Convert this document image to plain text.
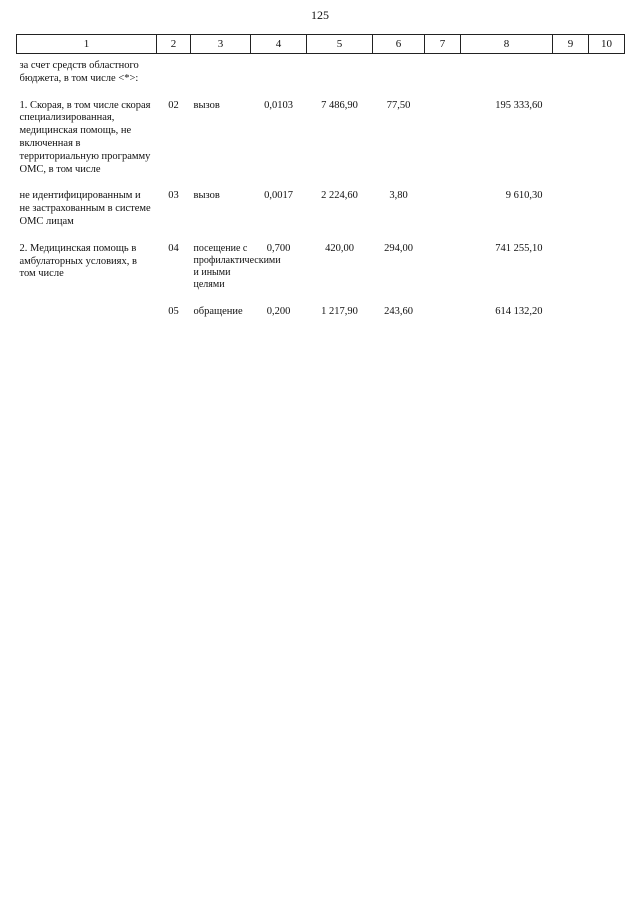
125
1	2	3	4	5	6	7	8	9	10
за счет средств областного бюджета, в том числе <*>:									
1. Скорая, в том числе скорая специализированная, медицинская помощь, не включенная в территориальную программу ОМС, в том числе	02	вызов	0,0103	7 486,90	77,50		195 333,60		
не идентифицированным и не застрахованным в системе ОМС лицам	03	вызов	0,0017	2 224,60	3,80		9 610,30		
2. Медицинская помощь в амбулаторных условиях, в том числе	04	посещение с профилактическими и иными целями	0,700	420,00	294,00		741 255,10		
	05	обращение	0,200	1 217,90	243,60		614 132,20		
